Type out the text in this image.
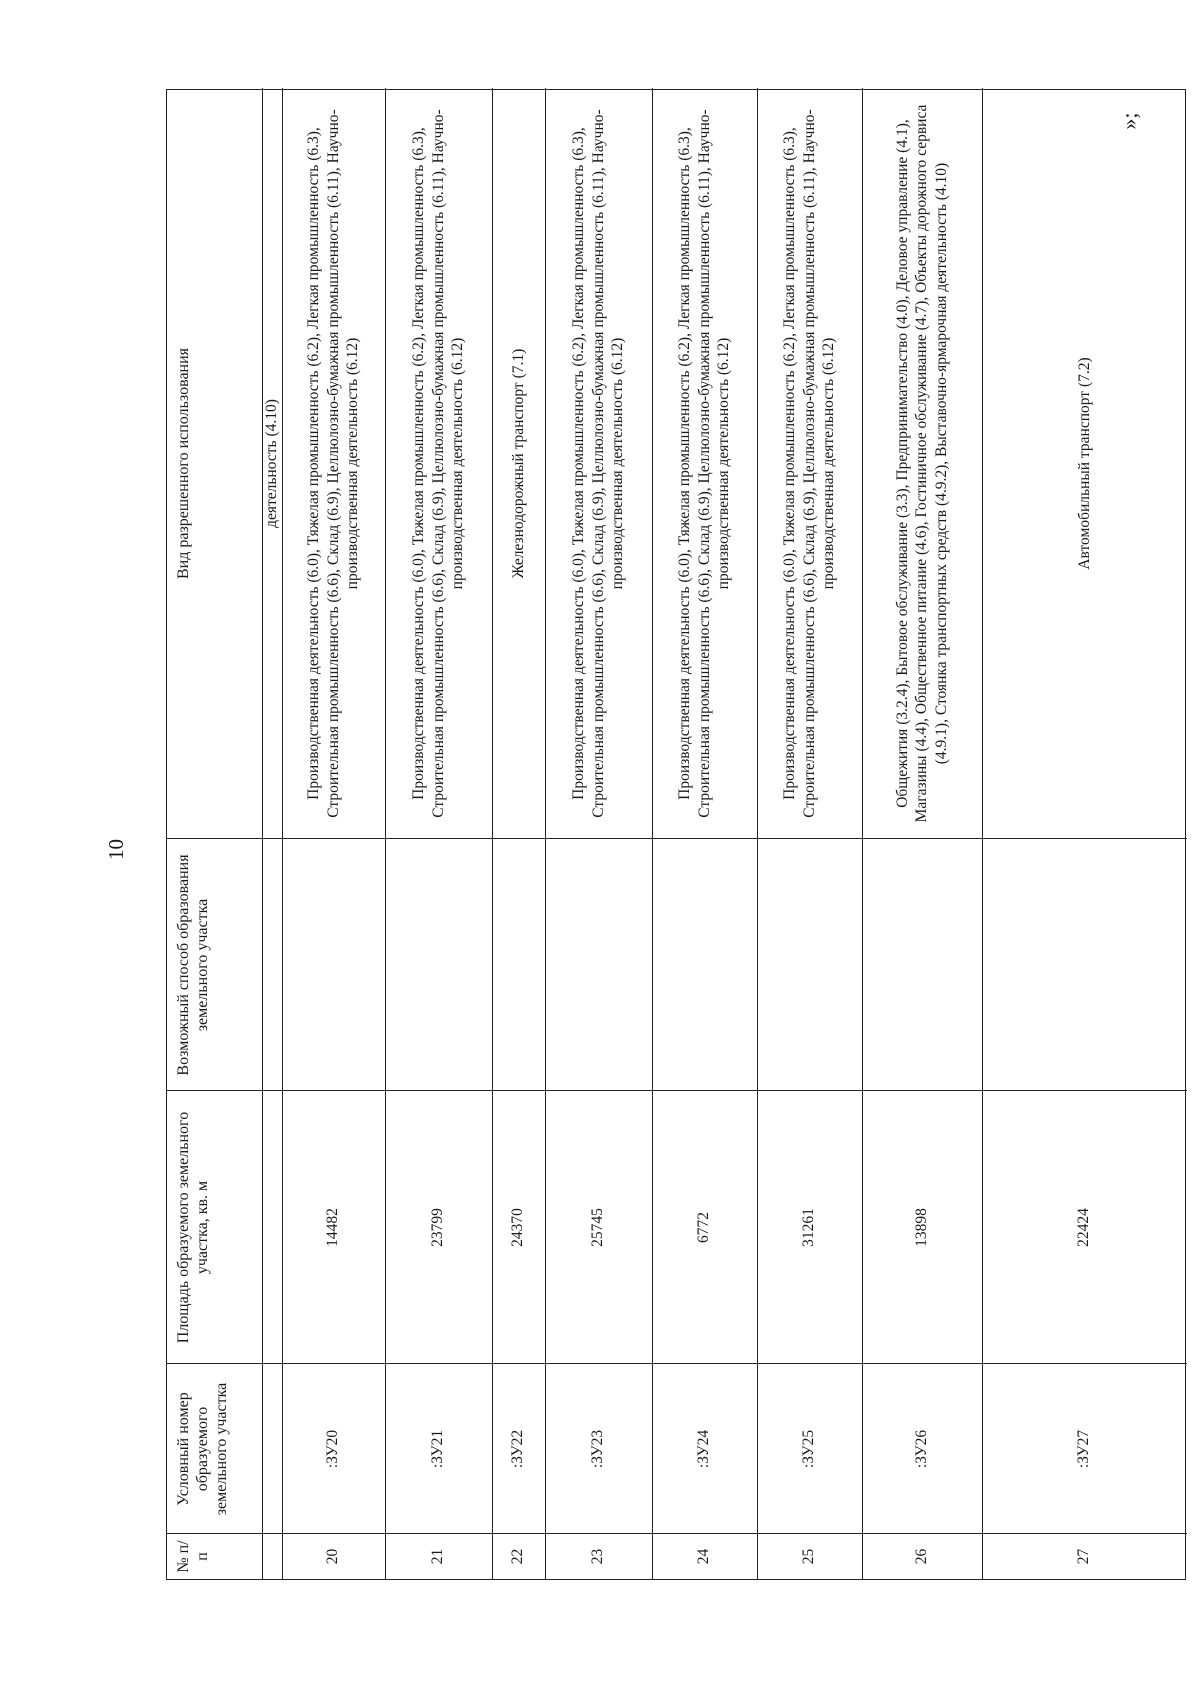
10
№ п/п
Условный номер образуемого земельного участка
Площадь образуемого земельного участка, кв. м
Возможный способ образования земельного участка
Вид разрешенного использования	деятельность (4.10)
20
:ЗУ20
14482
Производственная деятельность (6.0), Тяжелая промышленность (6.2), Легкая промышленность (6.3), Строительная промышленность (6.6), Склад (6.9), Целлюлозно-бумажная промышленность (6.11), Научно-производственная деятельность (6.12)
21
:ЗУ21
23799
Производственная деятельность (6.0), Тяжелая промышленность (6.2), Легкая промышленность (6.3), Строительная промышленность (6.6), Склад (6.9), Целлюлозно-бумажная промышленность (6.11), Научно-производственная деятельность (6.12)
22
:ЗУ22
24370
Железнодорожный транспорт (7.1)
23
:ЗУ23
25745
Производственная деятельность (6.0), Тяжелая промышленность (6.2), Легкая промышленность (6.3), Строительная промышленность (6.6), Склад (6.9), Целлюлозно-бумажная промышленность (6.11), Научно-производственная деятельность (6.12)
24
:ЗУ24
6772
Производственная деятельность (6.0), Тяжелая промышленность (6.2), Легкая промышленность (6.3), Строительная промышленность (6.6), Склад (6.9), Целлюлозно-бумажная промышленность (6.11), Научно-производственная деятельность (6.12)
25
:ЗУ25
31261
Производственная деятельность (6.0), Тяжелая промышленность (6.2), Легкая промышленность (6.3), Строительная промышленность (6.6), Склад (6.9), Целлюлозно-бумажная промышленность (6.11), Научно-производственная деятельность (6.12)
26
:ЗУ26
13898
Общежития (3.2.4), Бытовое обслуживание (3.3), Предпринимательство (4.0), Деловое управление (4.1), Магазины (4.4), Общественное питание (4.6), Гостиничное обслуживание (4.7), Объекты дорожного сервиса (4.9.1), Стоянка транспортных средств (4.9.2), Выставочно-ярмарочная деятельность (4.10)
27
:ЗУ27
22424
Автомобильный транспорт (7.2)
»;
